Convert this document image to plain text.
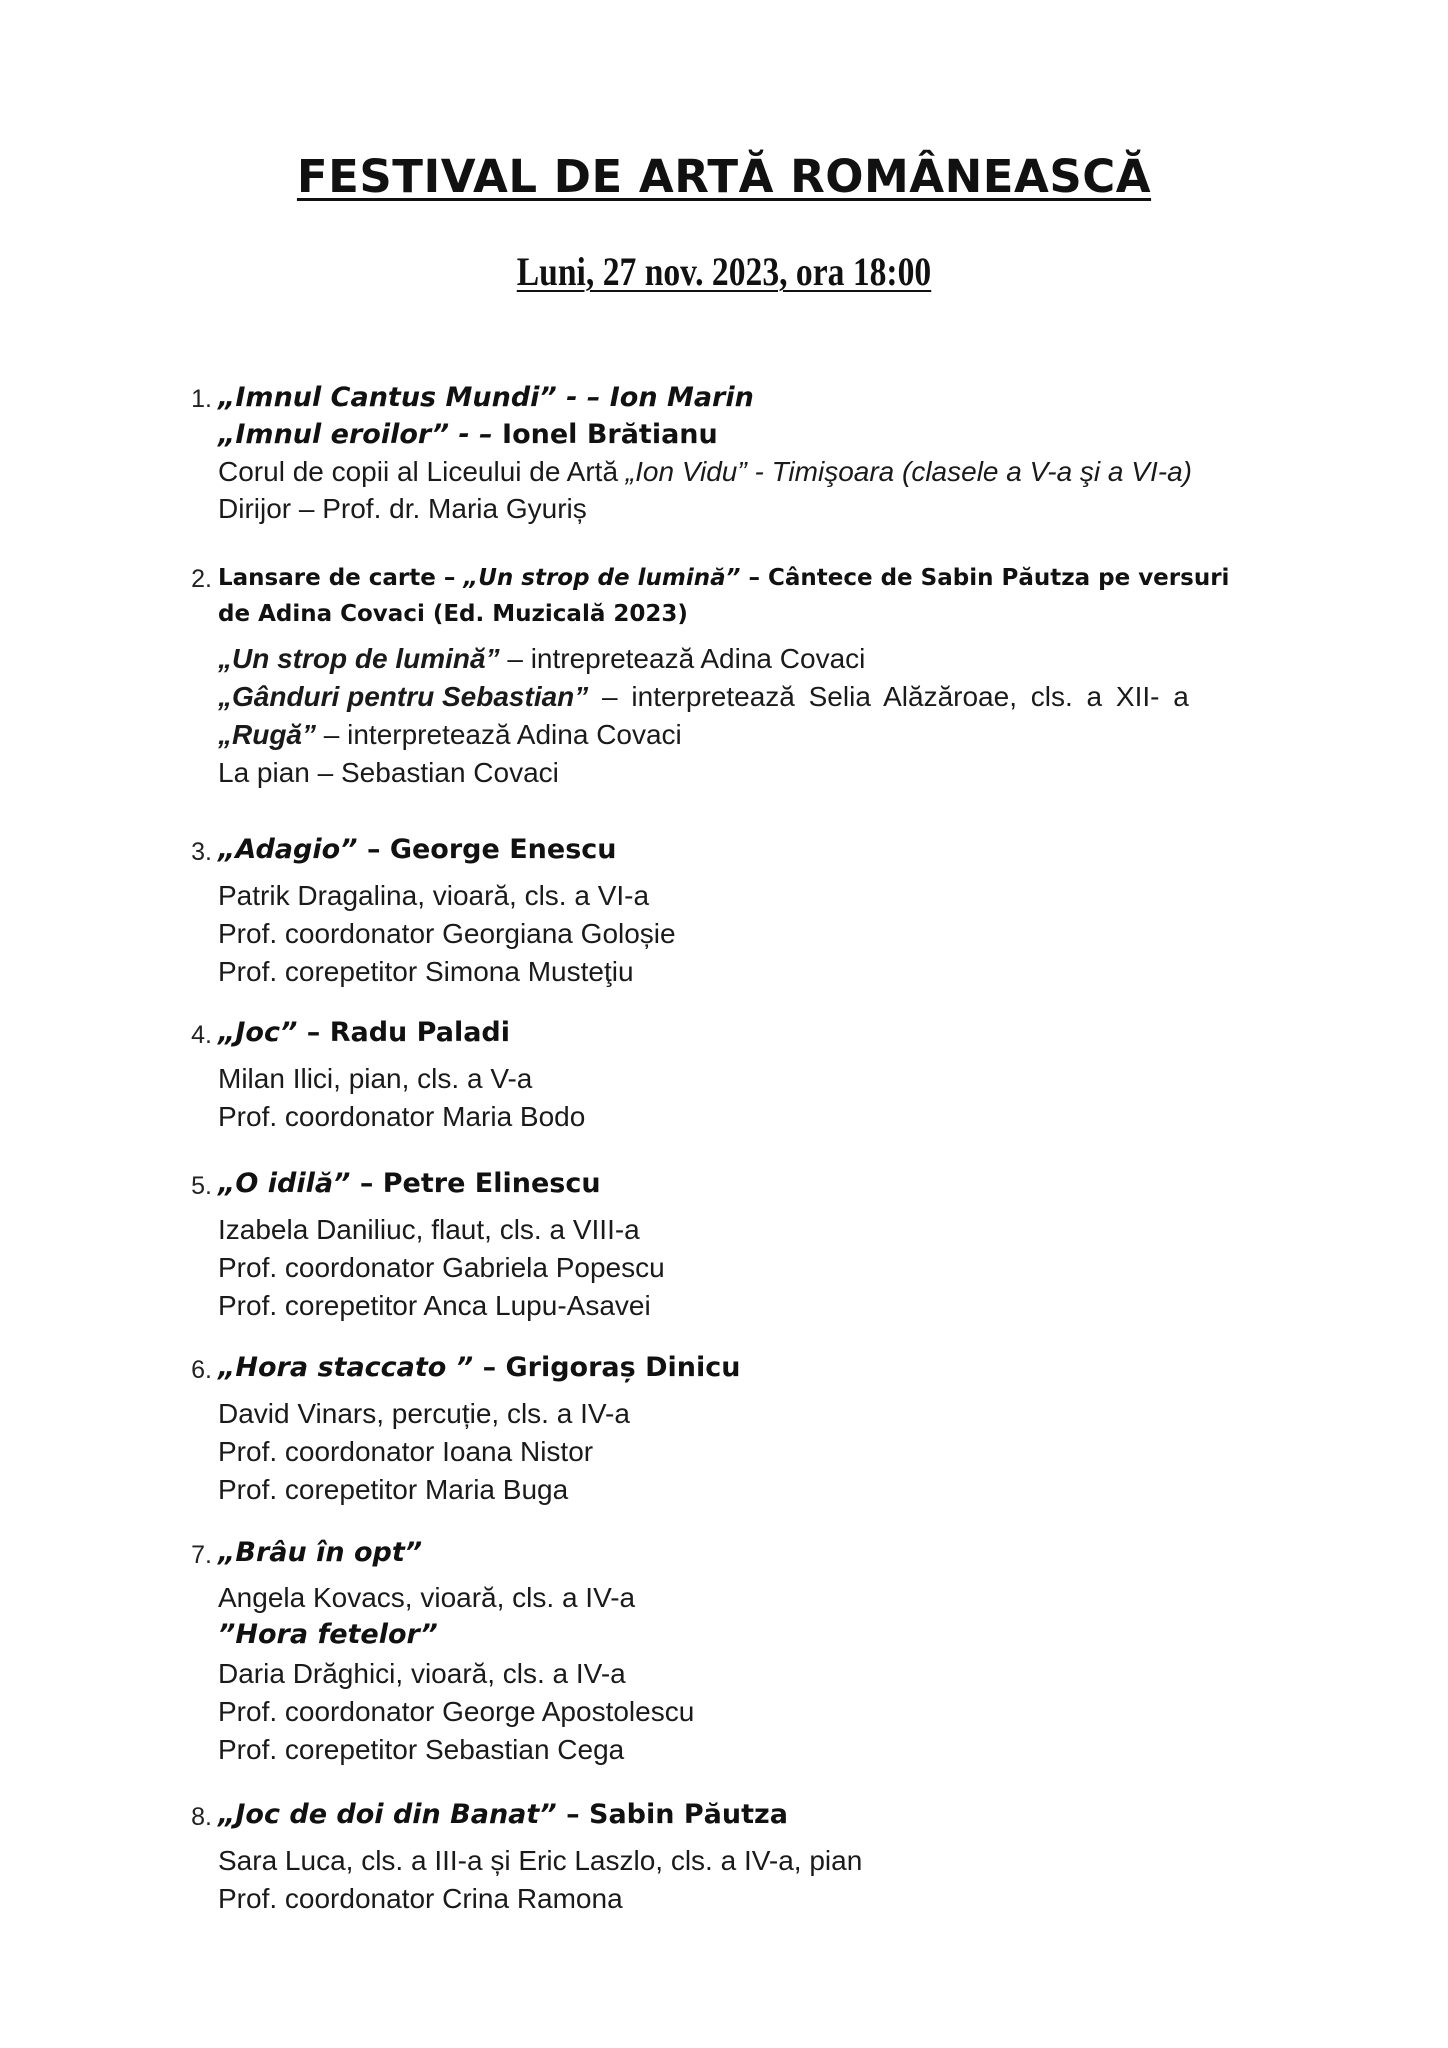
FESTIVAL DE ARTĂ ROMÂNEASCĂ
Luni, 27 nov. 2023, ora 18:00
1. „Imnul Cantus Mundi” - – Ion Marin
„Imnul eroilor” - – Ionel Brătianu
Corul de copii al Liceului de Artă „Ion Vidu” - Timişoara (clasele a V-a şi a VI-a)
Dirijor – Prof. dr. Maria Gyuriș
2. Lansare de carte – „Un strop de lumină” – Cântece de Sabin Păutza pe versuri
de Adina Covaci (Ed. Muzicală 2023)
„Un strop de lumină” – intrepretează Adina Covaci
„Gânduri pentru Sebastian” – interpretează Selia Alăzăroae, cls. a XII- a
„Rugă” – interpretează Adina Covaci
La pian – Sebastian Covaci
3. „Adagio” – George Enescu
Patrik Dragalina, vioară, cls. a VI-a
Prof. coordonator Georgiana Goloșie
Prof. corepetitor Simona Musteţiu
4. „Joc” – Radu Paladi
Milan Ilici, pian, cls. a V-a
Prof. coordonator Maria Bodo
5. „O idilă” – Petre Elinescu
Izabela Daniliuc, flaut, cls. a VIII-a
Prof. coordonator Gabriela Popescu
Prof. corepetitor Anca Lupu-Asavei
6. „Hora staccato ” – Grigoraș Dinicu
David Vinars, percuție, cls. a IV-a
Prof. coordonator Ioana Nistor
Prof. corepetitor Maria Buga
7. „Brâu în opt”
Angela Kovacs, vioară, cls. a IV-a
”Hora fetelor”
Daria Drăghici, vioară, cls. a IV-a
Prof. coordonator George Apostolescu
Prof. corepetitor Sebastian Cega
8. „Joc de doi din Banat” – Sabin Păutza
Sara Luca, cls. a III-a și Eric Laszlo, cls. a IV-a, pian
Prof. coordonator Crina Ramona
